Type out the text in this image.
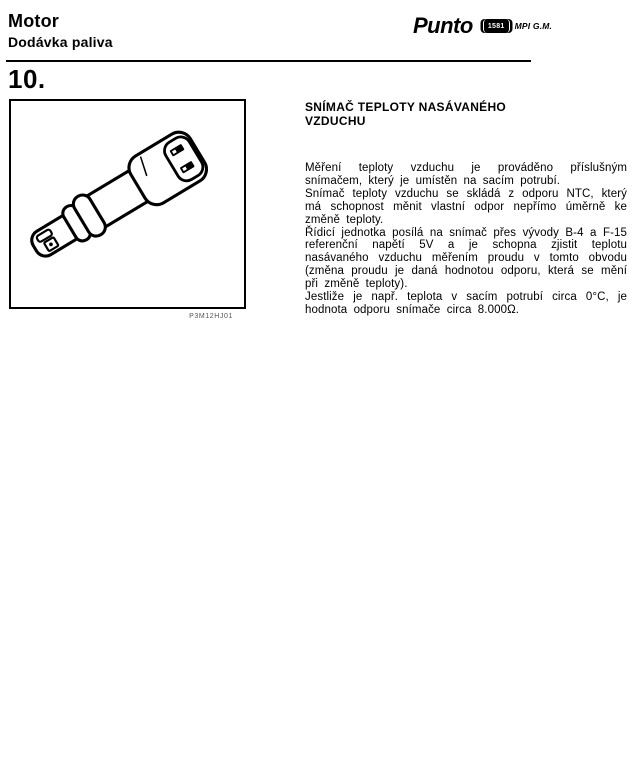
Motor
Dodávka paliva
Punto	1581	MPI G.M.
10.
P3M12HJ01
SNÍMAČ TEPLOTY NASÁVANÉHO VZDUCHU

Měření teploty vzduchu je prováděno příslušným snímačem, který je umístěn na sacím potrubí.

Snímač teploty vzduchu se skládá z odporu NTC, který má schopnost měnit vlastní odpor nepřímo úměrně ke změně teploty.

Řídicí jednotka posílá na snímač přes vývody B-4 a F-15 referenční napětí 5V a je schopna zjistit teplotu nasávaného vzduchu měřením proudu v tomto obvodu (změna proudu je daná hodnotou odporu, která se mění při změně teploty).

Jestliže je např. teplota v sacím potrubí circa 0°C, je hodnota odporu snímače circa 8.000Ω.
